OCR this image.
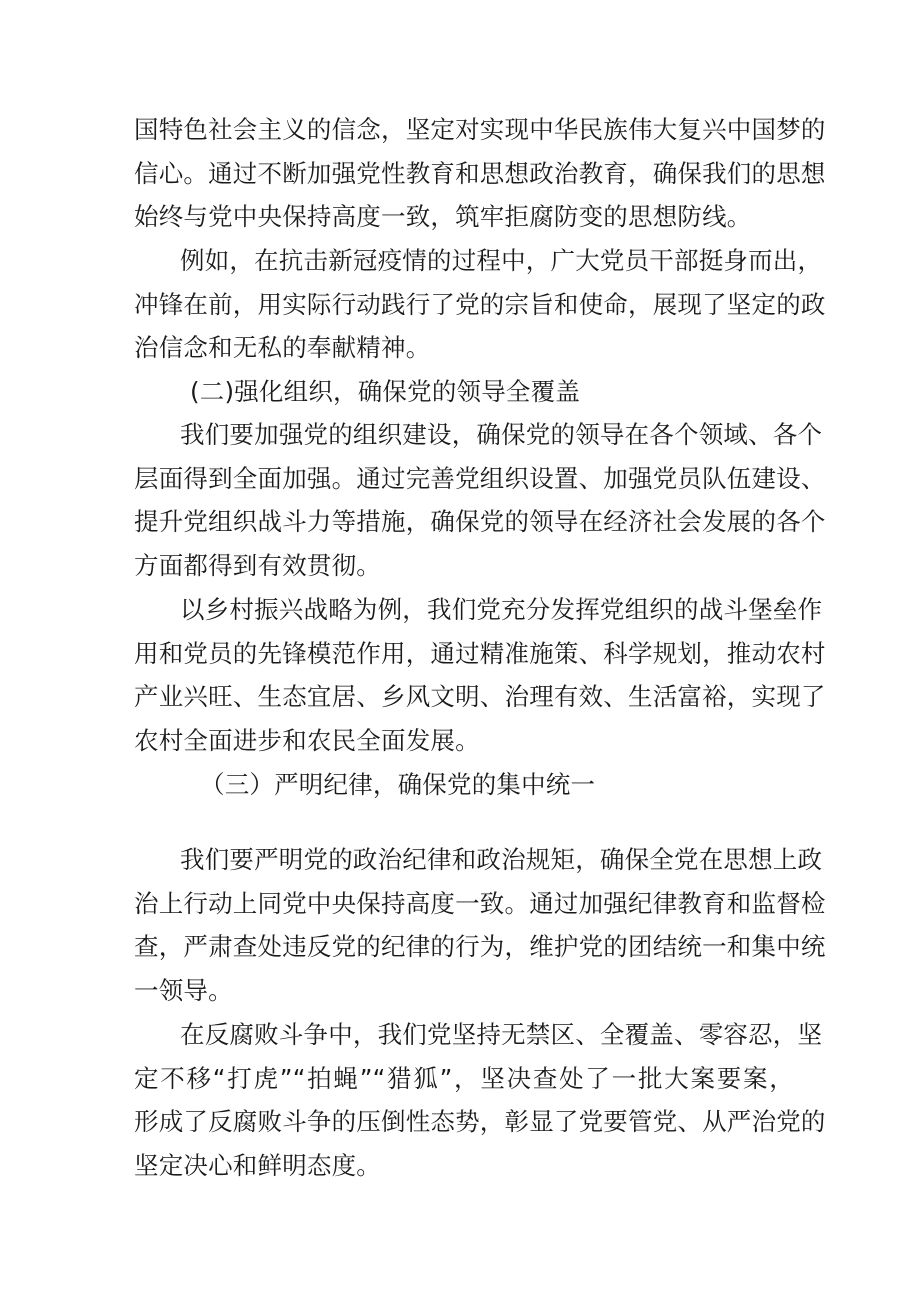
国特色社会主义的信念，坚定对实现中华民族伟大复兴中国梦的
信心。通过不断加强党性教育和思想政治教育，确保我们的思想
始终与党中央保持高度一致，筑牢拒腐防变的思想防线。
例如，在抗击新冠疫情的过程中，广大党员干部挺身而出，
冲锋在前，用实际行动践行了党的宗旨和使命，展现了坚定的政
治信念和无私的奉献精神。
(二)强化组织，确保党的领导全覆盖
我们要加强党的组织建设，确保党的领导在各个领域、各个
层面得到全面加强。通过完善党组织设置、加强党员队伍建设、
提升党组织战斗力等措施，确保党的领导在经济社会发展的各个
方面都得到有效贯彻。
以乡村振兴战略为例，我们党充分发挥党组织的战斗堡垒作
用和党员的先锋模范作用，通过精准施策、科学规划，推动农村
产业兴旺、生态宜居、乡风文明、治理有效、生活富裕，实现了
农村全面进步和农民全面发展。
（三）严明纪律，确保党的集中统一
我们要严明党的政治纪律和政治规矩，确保全党在思想上政
治上行动上同党中央保持高度一致。通过加强纪律教育和监督检
查，严肃查处违反党的纪律的行为，维护党的团结统一和集中统
一领导。
在反腐败斗争中，我们党坚持无禁区、全覆盖、零容忍，坚
定不移“打虎”“拍蝇”“猎狐”，坚决查处了一批大案要案，
形成了反腐败斗争的压倒性态势，彰显了党要管党、从严治党的
坚定决心和鲜明态度。
